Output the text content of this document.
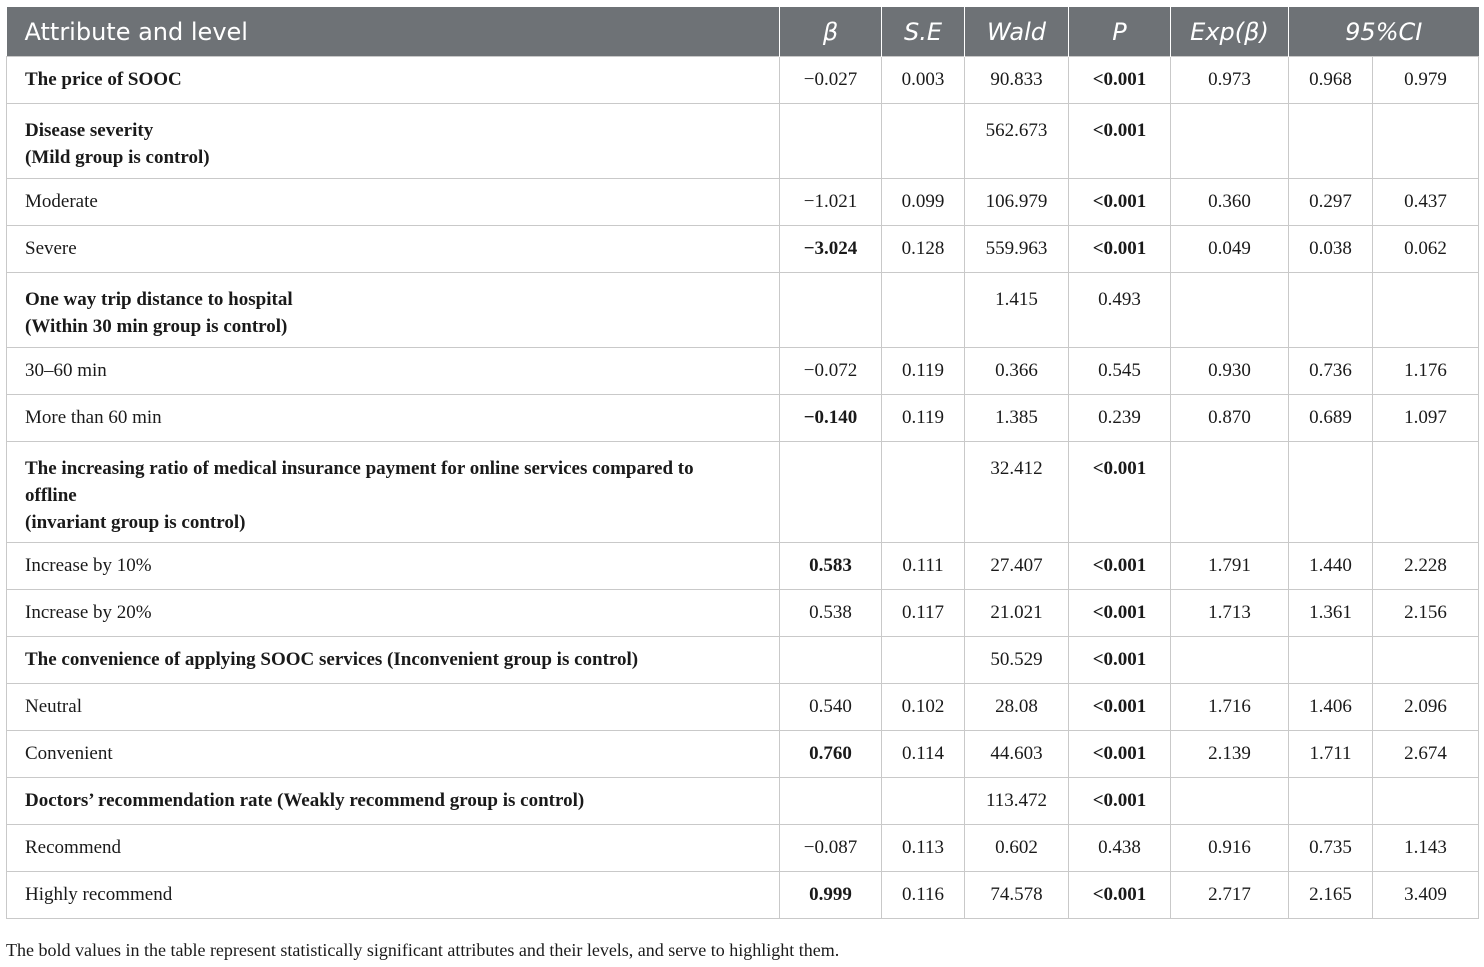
Attribute and level	β	S.E	Wald	P	Exp(β)	95%CI	
The price of SOOC	−0.027	0.003	90.833	<0.001	0.973	0.968	0.979
Disease severity
(Mild group is control)			562.673	<0.001			
Moderate	−1.021	0.099	106.979	<0.001	0.360	0.297	0.437
Severe	−3.024	0.128	559.963	<0.001	0.049	0.038	0.062
One way trip distance to hospital
(Within 30 min group is control)			1.415	0.493			
30–60 min	−0.072	0.119	0.366	0.545	0.930	0.736	1.176
More than 60 min	−0.140	0.119	1.385	0.239	0.870	0.689	1.097
The increasing ratio of medical insurance payment for online services compared to
offline
(invariant group is control)			32.412	<0.001			
Increase by 10%	0.583	0.111	27.407	<0.001	1.791	1.440	2.228
Increase by 20%	0.538	0.117	21.021	<0.001	1.713	1.361	2.156
The convenience of applying SOOC services (Inconvenient group is control)			50.529	<0.001			
Neutral	0.540	0.102	28.08	<0.001	1.716	1.406	2.096
Convenient	0.760	0.114	44.603	<0.001	2.139	1.711	2.674
Doctors’ recommendation rate (Weakly recommend group is control)			113.472	<0.001			
Recommend	−0.087	0.113	0.602	0.438	0.916	0.735	1.143
Highly recommend	0.999	0.116	74.578	<0.001	2.717	2.165	3.409
The bold values in the table represent statistically significant attributes and their levels, and serve to highlight them.
